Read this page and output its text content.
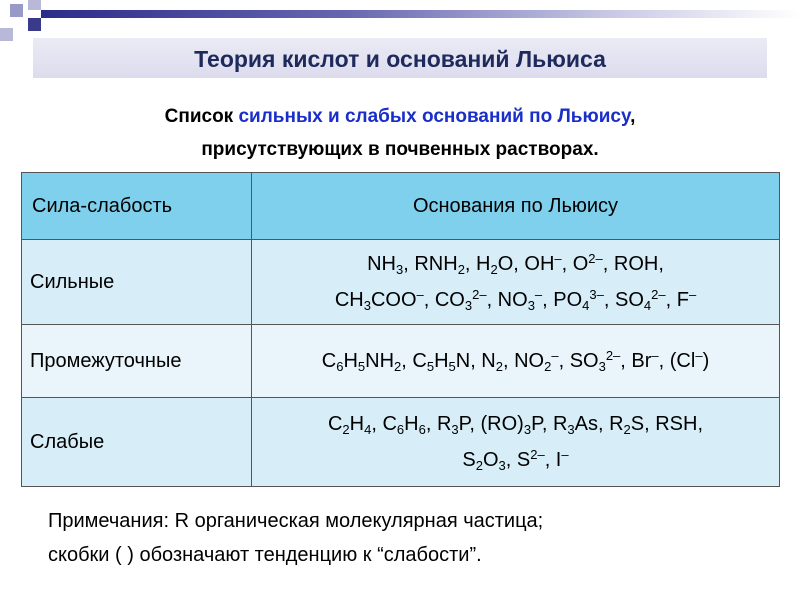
Теория кислот и оснований Льюиса
Список сильных и слабых оснований по Льюису,
присутствующих в почвенных растворах.
Сила-слабость	Основания по Льюису
Сильные	$NH_3$, $RNH_2$, $H_2O$, OH–, $O^{2-}$, ROH,
$CH_3COO^-$, $CO_3^{2-}$, $NO_3^-$, $PO_4^{3-}$, $SO_4^{2-}$, F–
Промежуточные	$C_6H_5NH_2$, $C_5H_5N$, $N_2$, $NO_2^-$, $SO_3^{2-}$, Br–, (Cl–)
Слабые	$C_2H_4$, $C_6H_6$, $R_3P$, $(RO)_3P$, $R_3As$, $R_2S$, RSH,
$S_2O_3$, $S^{2-}$, I–
Примечания: R органическая молекулярная частица;
скобки ( ) обозначают тенденцию к “слабости”.
